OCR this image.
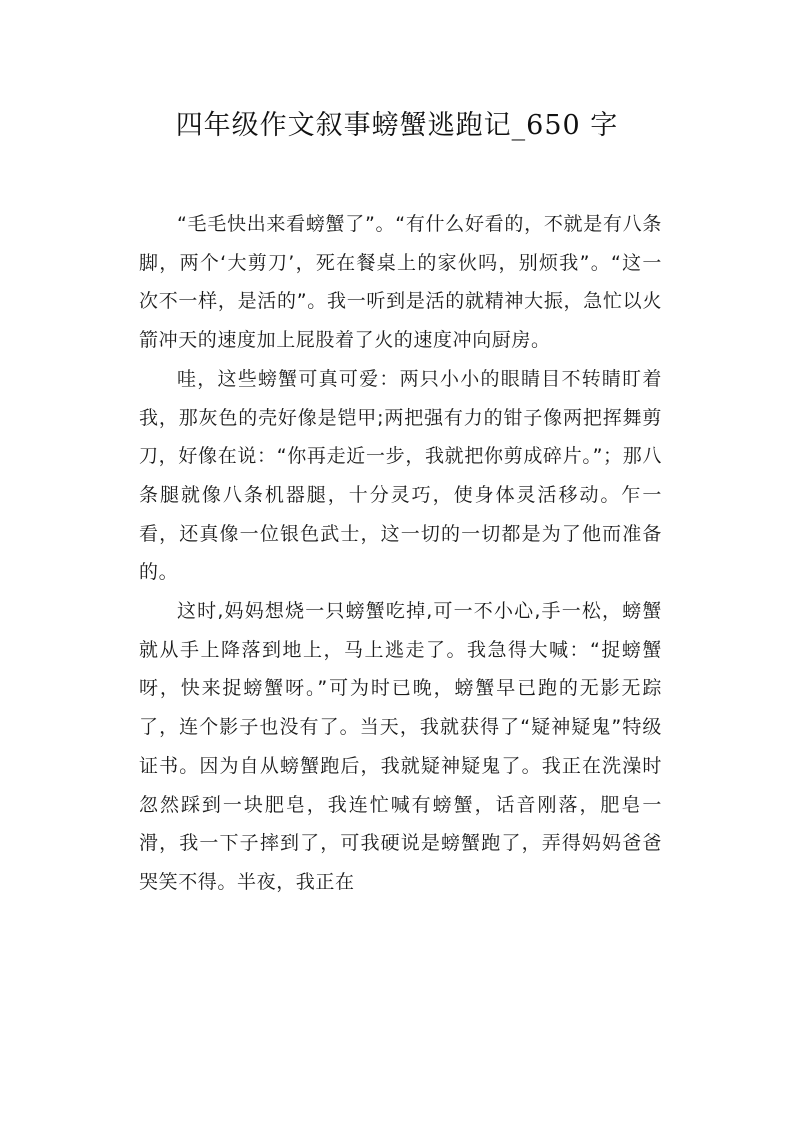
四年级作文叙事螃蟹逃跑记_650 字

“毛毛快出来看螃蟹了”。“有什么好看的，不就是有八条脚，两个‘大剪刀’，死在餐桌上的家伙吗，别烦我”。“这一次不一样，是活的”。我一听到是活的就精神大振，急忙以火箭冲天的速度加上屁股着了火的速度冲向厨房。

哇，这些螃蟹可真可爱：两只小小的眼睛目不转睛盯着我，那灰色的壳好像是铠甲;两把强有力的钳子像两把挥舞剪刀，好像在说：“你再走近一步，我就把你剪成碎片。”；那八条腿就像八条机器腿，十分灵巧，使身体灵活移动。乍一看，还真像一位银色武士，这一切的一切都是为了他而准备的。

这时,妈妈想烧一只螃蟹吃掉,可一不小心,手一松，螃蟹就从手上降落到地上，马上逃走了。我急得大喊：“捉螃蟹呀，快来捉螃蟹呀。”可为时已晚，螃蟹早已跑的无影无踪了，连个影子也没有了。当天，我就获得了“疑神疑鬼”特级证书。因为自从螃蟹跑后，我就疑神疑鬼了。我正在洗澡时忽然踩到一块肥皂，我连忙喊有螃蟹，话音刚落，肥皂一滑，我一下子摔到了，可我硬说是螃蟹跑了，弄得妈妈爸爸哭笑不得。半夜，我正在
